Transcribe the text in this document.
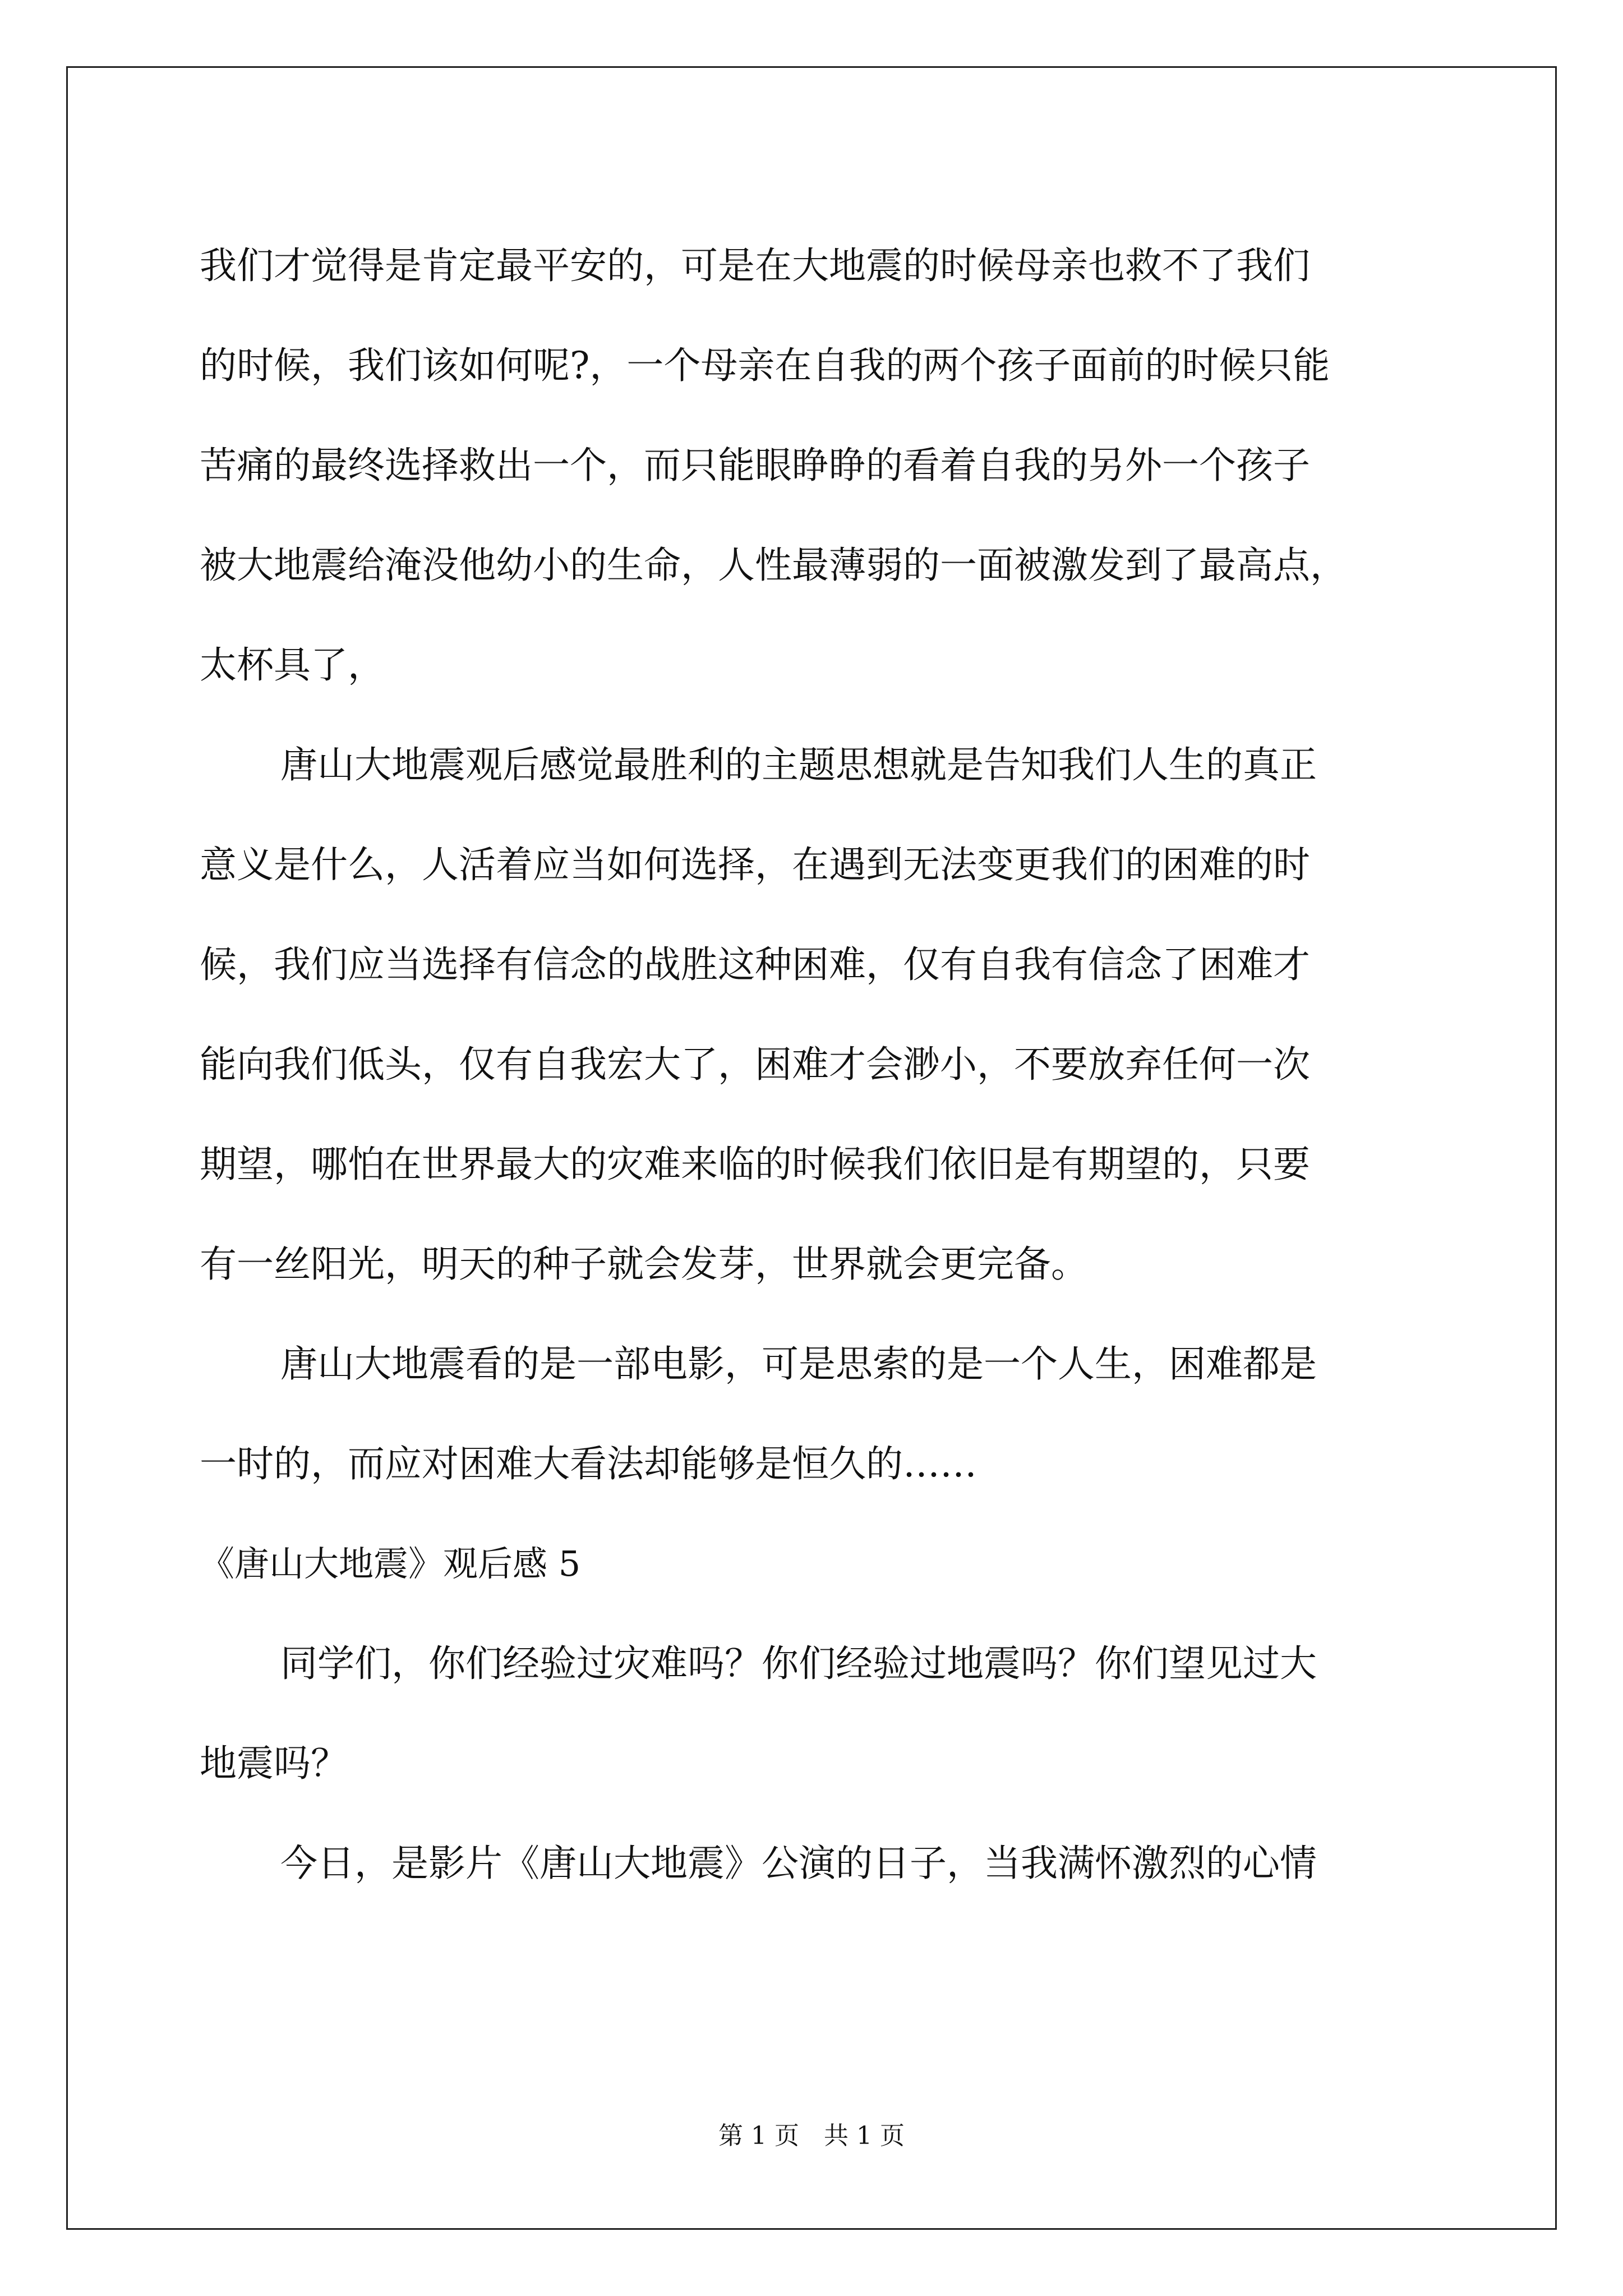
我们才觉得是肯定最平安的，可是在大地震的时候母亲也救不了我们
的时候，我们该如何呢?，一个母亲在自我的两个孩子面前的时候只能
苦痛的最终选择救出一个，而只能眼睁睁的看着自我的另外一个孩子
被大地震给淹没他幼小的生命，人性最薄弱的一面被激发到了最高点，
太杯具了，
唐山大地震观后感觉最胜利的主题思想就是告知我们人生的真正
意义是什么，人活着应当如何选择，在遇到无法变更我们的困难的时
候，我们应当选择有信念的战胜这种困难，仅有自我有信念了困难才
能向我们低头，仅有自我宏大了，困难才会渺小，不要放弃任何一次
期望，哪怕在世界最大的灾难来临的时候我们依旧是有期望的，只要
有一丝阳光，明天的种子就会发芽，世界就会更完备。
唐山大地震看的是一部电影，可是思索的是一个人生，困难都是
一时的，而应对困难大看法却能够是恒久的……
《唐山大地震》观后感 5
同学们，你们经验过灾难吗？你们经验过地震吗？你们望见过大
地震吗？
今日，是影片《唐山大地震》公演的日子，当我满怀激烈的心情
第 1 页　共 1 页
